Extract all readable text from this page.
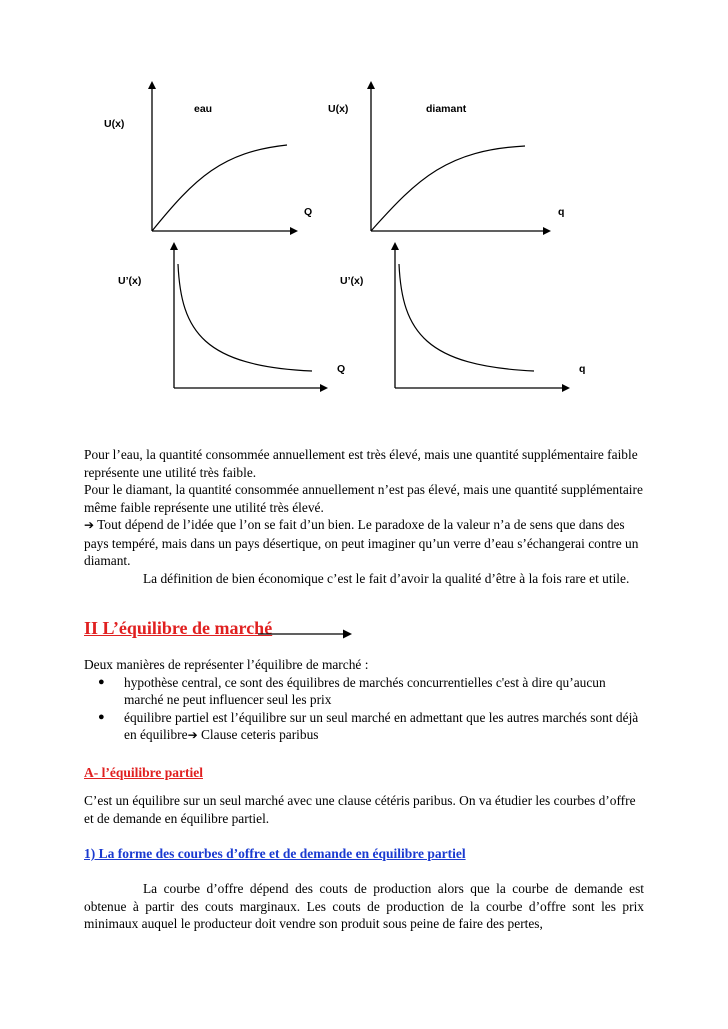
eau	diamant
U(x)
U(x)
Q	q
U’(x)	U’(x)
Q	q

Pour l’eau, la quantité consommée annuellement est très élevé, mais une quantité supplémentaire faible représente une utilité très faible.

Pour le diamant, la quantité consommée annuellement n’est pas élevé, mais une quantité supplémentaire même faible représente une utilité très élevé.

➔ Tout dépend de l’idée que l’on se fait d’un bien. Le paradoxe de la valeur n’a de sens que dans des pays tempéré, mais dans un pays désertique, on peut imaginer qu’un verre d’eau s’échangerai contre un diamant.

La définition de bien économique c’est le fait d’avoir la qualité d’être à la fois rare et utile.

II L’équilibre de marché

Deux manières de représenter l’équilibre de marché :

● hypothèse central, ce sont des équilibres de marchés concurrentielles c'est à dire qu’aucun marché ne peut influencer seul les prix
● équilibre partiel est l’équilibre sur un seul marché en admettant que les autres marchés sont déjà en équilibre➔ Clause ceteris paribus
A- l’équilibre partiel

C’est un équilibre sur un seul marché avec une clause cétéris paribus. On va étudier les courbes d’offre et de demande en équilibre partiel.

1) La forme des courbes d’offre et de demande en équilibre partiel

La courbe d’offre dépend des couts de production alors que la courbe de demande est obtenue à partir des couts marginaux. Les couts de production de la courbe d’offre sont les prix minimaux auquel le producteur doit vendre son produit sous peine de faire des pertes,
